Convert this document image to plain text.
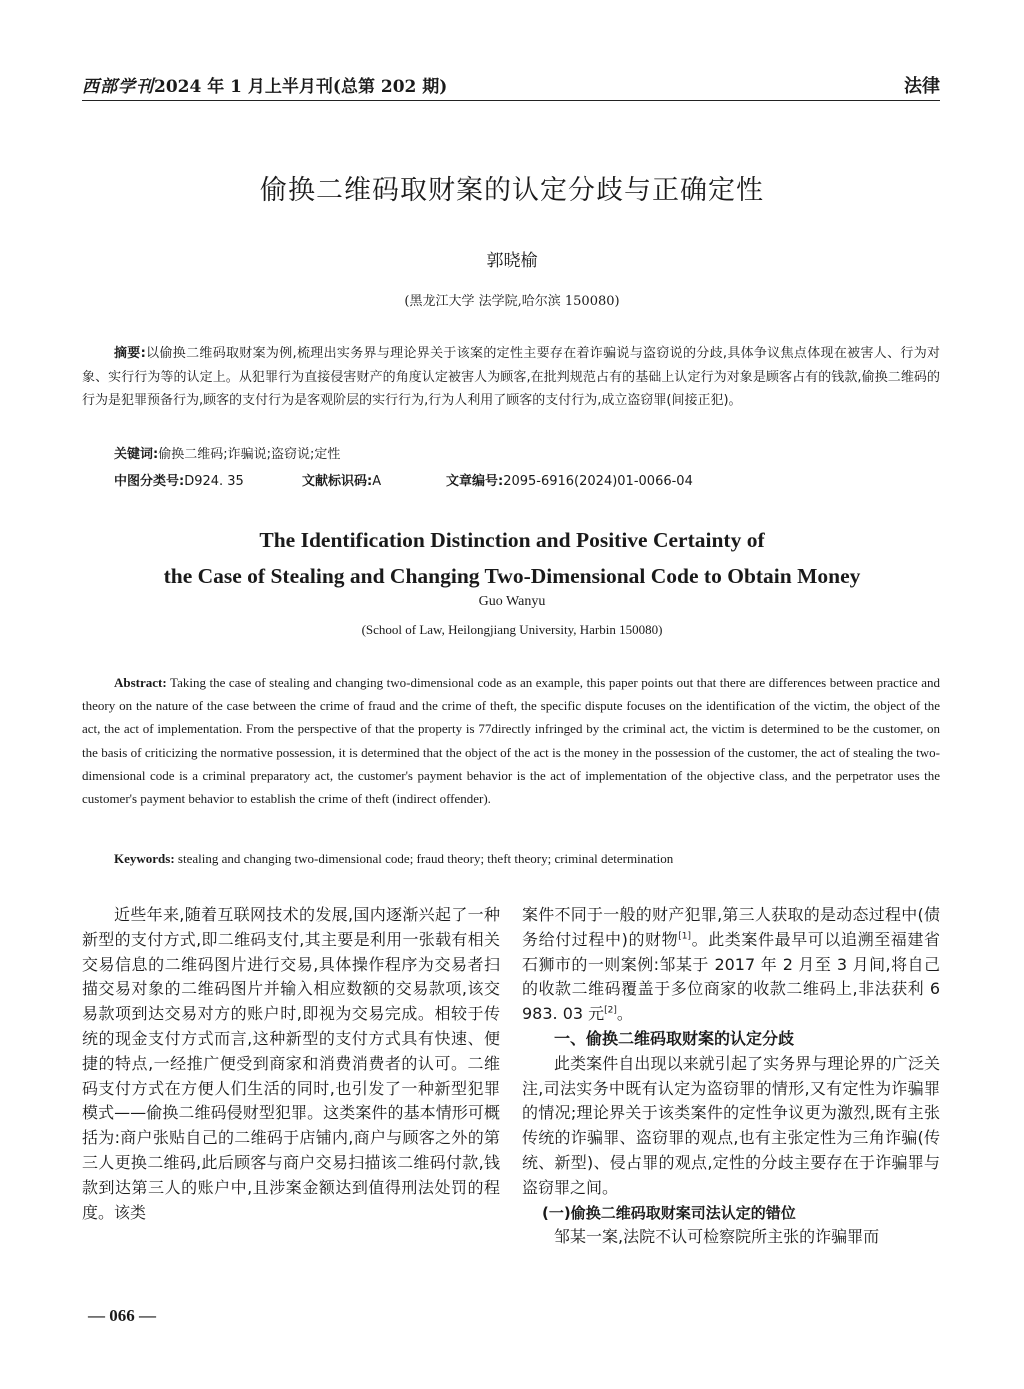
西部学刊2024 年 1 月上半月刊(总第 202 期)	法律
偷换二维码取财案的认定分歧与正确定性
郭晓榆
(黑龙江大学 法学院,哈尔滨 150080)
摘要:以偷换二维码取财案为例,梳理出实务界与理论界关于该案的定性主要存在着诈骗说与盗窃说的分歧,具体争议焦点体现在被害人、行为对象、实行行为等的认定上。从犯罪行为直接侵害财产的角度认定被害人为顾客,在批判规范占有的基础上认定行为对象是顾客占有的钱款,偷换二维码的行为是犯罪预备行为,顾客的支付行为是客观阶层的实行行为,行为人利用了顾客的支付行为,成立盗窃罪(间接正犯)。
关键词:偷换二维码;诈骗说;盗窃说;定性
中图分类号:D924. 35	文献标识码:A	文章编号:2095-6916(2024)01-0066-04
The Identification Distinction and Positive Certainty of
the Case of Stealing and Changing Two-Dimensional Code to Obtain Money
Guo Wanyu
(School of Law, Heilongjiang University, Harbin 150080)
Abstract: Taking the case of stealing and changing two-dimensional code as an example, this paper points out that there are differences between practice and theory on the nature of the case between the crime of fraud and the crime of theft, the specific dispute focuses on the identification of the victim, the object of the act, the act of implementation. From the perspective of that the property is 77directly infringed by the criminal act, the victim is determined to be the customer, on the basis of criticizing the normative possession, it is determined that the object of the act is the money in the possession of the customer, the act of stealing the two-dimensional code is a criminal preparatory act, the customer's payment behavior is the act of implementation of the objective class, and the perpetrator uses the customer's payment behavior to establish the crime of theft (indirect offender).
Keywords: stealing and changing two-dimensional code; fraud theory; theft theory; criminal determination

近些年来,随着互联网技术的发展,国内逐渐兴起了一种新型的支付方式,即二维码支付,其主要是利用一张载有相关交易信息的二维码图片进行交易,具体操作程序为交易者扫描交易对象的二维码图片并输入相应数额的交易款项,该交易款项到达交易对方的账户时,即视为交易完成。相较于传统的现金支付方式而言,这种新型的支付方式具有快速、便捷的特点,一经推广便受到商家和消费消费者的认可。二维码支付方式在方便人们生活的同时,也引发了一种新型犯罪模式——偷换二维码侵财型犯罪。这类案件的基本情形可概括为:商户张贴自己的二维码于店铺内,商户与顾客之外的第三人更换二维码,此后顾客与商户交易扫描该二维码付款,钱款到达第三人的账户中,且涉案金额达到值得刑法处罚的程度。该类

案件不同于一般的财产犯罪,第三人获取的是动态过程中(债务给付过程中)的财物[1]。此类案件最早可以追溯至福建省石狮市的一则案例:邹某于 2017 年 2 月至 3 月间,将自己的收款二维码覆盖于多位商家的收款二维码上,非法获利 6 983. 03 元[2]。

一、偷换二维码取财案的认定分歧

此类案件自出现以来就引起了实务界与理论界的广泛关注,司法实务中既有认定为盗窃罪的情形,又有定性为诈骗罪的情况;理论界关于该类案件的定性争议更为激烈,既有主张传统的诈骗罪、盗窃罪的观点,也有主张定性为三角诈骗(传统、新型)、侵占罪的观点,定性的分歧主要存在于诈骗罪与盗窃罪之间。

(一)偷换二维码取财案司法认定的错位

邹某一案,法院不认可检察院所主张的诈骗罪而

— 066 —
